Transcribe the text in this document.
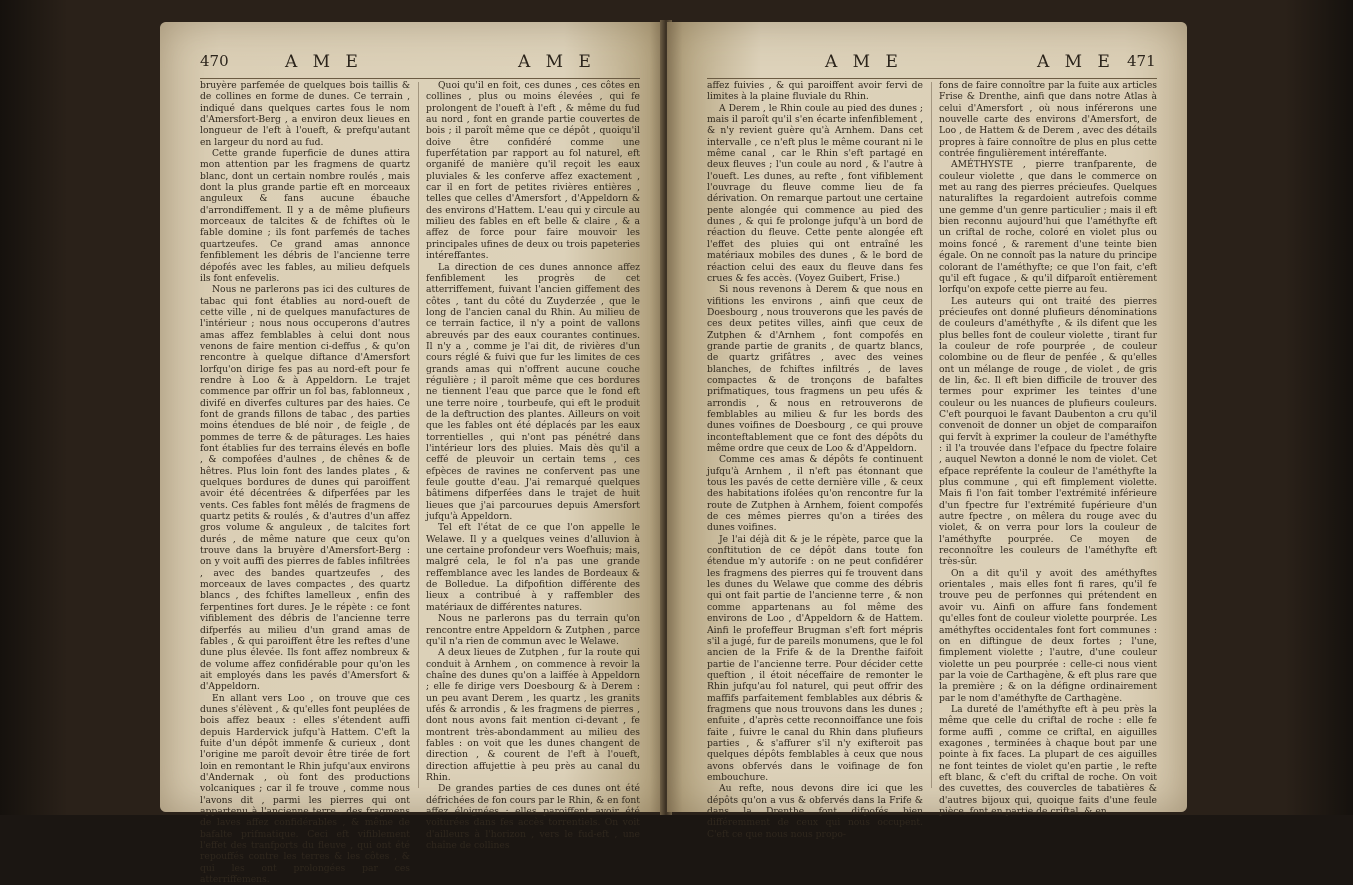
470	A M E	A M E

bruyère parfemée de quelques bois taillis & de collines en forme de dunes. Ce terrain , indiqué dans quelques cartes fous le nom d'Amersfort-Berg , a environ deux lieues en longueur de l'eft à l'oueft, & prefqu'autant en largeur du nord au fud.

Cette grande fuperficie de dunes attira mon attention par les fragmens de quartz blanc, dont un certain nombre roulés , mais dont la plus grande partie eft en morceaux anguleux & fans aucune ébauche d'arrondiffement. Il y a de même plufieurs morceaux de talcites & de fchiftes où le fable domine ; ils font parfemés de taches quartzeufes. Ce grand amas annonce fenfiblement les débris de l'ancienne terre dépofés avec les fables, au milieu defquels ils font enfevelis.

Nous ne parlerons pas ici des cultures de tabac qui font établies au nord-oueft de cette ville , ni de quelques manufactures de l'intérieur ; nous nous occuperons d'autres amas affez femblables à celui dont nous venons de faire mention ci-deffus , & qu'on rencontre à quelque diftance d'Amersfort lorfqu'on dirige fes pas au nord-eft pour fe rendre à Loo & à Appeldorn. Le trajet commence par offrir un fol bas, fablonneux , divifé en diverfes cultures par des haies. Ce font de grands fillons de tabac , des parties moins étendues de blé noir , de feigle , de pommes de terre & de pâturages. Les haies font établies fur des terrains élevés en bofle , & compofées d'aulnes , de chênes & de hêtres. Plus loin font des landes plates , & quelques bordures de dunes qui paroiffent avoir été décentrées & difperfées par les vents. Ces fables font mêlés de fragmens de quartz petits & roulés , & d'autres d'un affez gros volume & anguleux , de talcites fort durés , de même nature que ceux qu'on trouve dans la bruyère d'Amersfort-Berg : on y voit auffi des pierres de fables infiltrées , avec des bandes quartzeufes , des morceaux de laves compactes , des quartz blancs , des fchiftes lamelleux , enfin des ferpentines fort dures. Je le répète : ce font vifiblement des débris de l'ancienne terre difperfés au milieu d'un grand amas de fables , & qui paroiffent être les reftes d'une dune plus élevée. Ils font affez nombreux & de volume affez confidérable pour qu'on les ait employés dans les pavés d'Amersfort & d'Appeldorn.

En allant vers Loo , on trouve que ces dunes s'élèvent , & qu'elles font peuplées de bois affez beaux : elles s'étendent auffi depuis Hardervick jufqu'à Hattem. C'eft la fuite d'un dépôt immenfe & curieux , dont l'origine me paroît devoir être tirée de fort loin en remontant le Rhin jufqu'aux environs d'Andernak , où font des productions volcaniques ; car il fe trouve , comme nous l'avons dit , parmi les pierres qui ont appartenu à l'ancienne terre , des fragmens de laves affez confidérables , & même de bafalte prifmatique. Ceci eft vifiblement l'effet des tranfports du fleuve , qui ont été repouffés contre les terres & les côtes , & qui les ont prolongées par ces atterriffemens.

Quoi qu'il en foit, ces dunes , ces côtes en collines , plus ou moins élevées , qui fe prolongent de l'oueft à l'eft , & même du fud au nord , font en grande partie couvertes de bois ; il paroît même que ce dépôt , quoiqu'il doive être confidéré comme une fuperfétation par rapport au fol naturel, eft organifé de manière qu'il reçoit les eaux pluviales & les conferve affez exactement , car il en fort de petites rivières entières , telles que celles d'Amersfort , d'Appeldorn & des environs d'Hattem. L'eau qui y circule au milieu des fables en eft belle & claire , & a affez de force pour faire mouvoir les principales ufines de deux ou trois papeteries intéreffantes.

La direction de ces dunes annonce affez fenfiblement les progrès de cet atterriffement, fuivant l'ancien giffement des côtes , tant du côté du Zuyderzée , que le long de l'ancien canal du Rhin. Au milieu de ce terrain factice, il n'y a point de vallons abreuvés par des eaux courantes continues. Il n'y a , comme je l'ai dit, de rivières d'un cours réglé & fuivi que fur les limites de ces grands amas qui n'offrent aucune couche régulière ; il paroît même que ces bordures ne tiennent l'eau que parce que le fond eft une terre noire , tourbeufe, qui eft le produit de la deftruction des plantes. Ailleurs on voit que les fables ont été déplacés par les eaux torrentielles , qui n'ont pas pénétré dans l'intérieur lors des pluies. Mais dès qu'il a ceffé de pleuvoir un certain tems , ces efpèces de ravines ne confervent pas une feule goutte d'eau. J'ai remarqué quelques bâtimens difperfées dans le trajet de huit lieues que j'ai parcourues depuis Amersfort jufqu'à Appeldorn.

Tel eft l'état de ce que l'on appelle le Welawe. Il y a quelques veines d'alluvion à une certaine profondeur vers Woefhuis; mais, malgré cela, le fol n'a pas une grande reffemblance avec les landes de Bordeaux & de Bolledue. La difpofition différente des lieux a contribué à y raffembler des matériaux de différentes natures.

Nous ne parlerons pas du terrain qu'on rencontre entre Appeldorn & Zutphen , parce qu'il n'a rien de commun avec le Welawe.

A deux lieues de Zutphen , fur la route qui conduit à Arnhem , on commence à revoir la chaîne des dunes qu'on a laiffée à Appeldorn ; elle fe dirige vers Doesbourg & à Derem : un peu avant Derem , les quartz , les granits ufés & arrondis , & les fragmens de pierres , dont nous avons fait mention ci-devant , fe montrent très-abondamment au milieu des fables : on voit que les dunes changent de direction , & courent de l'eft à l'oueft, direction affujettie à peu près au canal du Rhin.

De grandes parties de ces dunes ont été défrichées de fon cours par le Rhin, & en font affez éloignées ; elles paroiffent avoir été voiturées dans fes accès torrentiels. On voit d'ailleurs à l'horizon , vers le fud-eft , une chaîne de collines

A M E	A M E 471

affez fuivies , & qui paroiffent avoir fervi de limites à la plaine fluviale du Rhin.

A Derem , le Rhin coule au pied des dunes ; mais il paroît qu'il s'en écarte infenfiblement , & n'y revient guère qu'à Arnhem. Dans cet intervalle , ce n'eft plus le même courant ni le même canal , car le Rhin s'eft partagé en deux fleuves ; l'un coule au nord , & l'autre à l'oueft. Les dunes, au refte , font vifiblement l'ouvrage du fleuve comme lieu de fa dérivation. On remarque partout une certaine pente alongée qui commence au pied des dunes , & qui fe prolonge jufqu'à un bord de réaction du fleuve. Cette pente alongée eft l'effet des pluies qui ont entraîné les matériaux mobiles des dunes , & le bord de réaction celui des eaux du fleuve dans fes crues & fes accès. (Voyez Guibert, Frise.)

Si nous revenons à Derem & que nous en vifitions les environs , ainfi que ceux de Doesbourg , nous trouverons que les pavés de ces deux petites villes, ainfi que ceux de Zutphen & d'Arnhem , font compofés en grande partie de granits , de quartz blancs, de quartz grifâtres , avec des veines blanches, de fchiftes infiltrés , de laves compactes & de tronçons de bafaltes prifmatiques, tous fragmens un peu ufés & arrondis , & nous en retrouverons de femblables au milieu & fur les bords des dunes voifines de Doesbourg , ce qui prouve inconteftablement que ce font des dépôts du même ordre que ceux de Loo & d'Appeldorn.

Comme ces amas & dépôts fe continuent jufqu'à Arnhem , il n'eft pas étonnant que tous les pavés de cette dernière ville , & ceux des habitations ifolées qu'on rencontre fur la route de Zutphen à Arnhem, foient compofés de ces mêmes pierres qu'on a tirées des dunes voifines.

Je l'ai déjà dit & je le répète, parce que la conftitution de ce dépôt dans toute fon étendue m'y autorife : on ne peut confidérer les fragmens des pierres qui fe trouvent dans les dunes du Welawe que comme des débris qui ont fait partie de l'ancienne terre , & non comme appartenans au fol même des environs de Loo , d'Appeldorn & de Hattem. Ainfi le profeffeur Brugman s'eft fort mépris s'il a jugé, fur de pareils monumens, que le fol ancien de la Frife & de la Drenthe faifoit partie de l'ancienne terre. Pour décider cette queftion , il étoit néceffaire de remonter le Rhin jufqu'au fol naturel, qui peut offrir des maffifs parfaitement femblables aux débris & fragmens que nous trouvons dans les dunes ; enfuite , d'après cette reconnoiffance une fois faite , fuivre le canal du Rhin dans plufieurs parties , & s'affurer s'il n'y exifteroit pas quelques dépôts femblables à ceux que nous avons obfervés dans le voifinage de fon embouchure.

Au refte, nous devons dire ici que les dépôts qu'on a vus & obfervés dans la Frife & dans la Drenthe font difpofés bien différemment de ceux qui nous occupent. C'eft ce que nous nous propo-

fons de faire connoître par la fuite aux articles Frise & Drenthe, ainfi que dans notre Atlas à celui d'Amersfort , où nous inférerons une nouvelle carte des environs d'Amersfort, de Loo , de Hattem & de Derem , avec des détails propres à faire connoître de plus en plus cette contrée fingulièrement intéreffante.

AMÉTHYSTE , pierre tranfparente, de couleur violette , que dans le commerce on met au rang des pierres précieufes. Quelques naturaliftes la regardoient autrefois comme une gemme d'un genre particulier ; mais il eft bien reconnu aujourd'hui que l'améthyfte eft un criftal de roche, coloré en violet plus ou moins foncé , & rarement d'une teinte bien égale. On ne connoît pas la nature du principe colorant de l'améthyfte; ce que l'on fait, c'eft qu'il eft fugace , & qu'il difparoît entièrement lorfqu'on expofe cette pierre au feu.

Les auteurs qui ont traité des pierres précieufes ont donné plufieurs dénominations de couleurs d'améthyfte , & ils difent que les plus belles font de couleur violette , tirant fur la couleur de rofe pourprée , de couleur colombine ou de fleur de penfée , & qu'elles ont un mélange de rouge , de violet , de gris de lin, &c. Il eft bien difficile de trouver des termes pour exprimer les teintes d'une couleur ou les nuances de plufieurs couleurs. C'eft pourquoi le favant Daubenton a cru qu'il convenoit de donner un objet de comparaifon qui fervît à exprimer la couleur de l'améthyfte : il l'a trouvée dans l'efpace du fpectre folaire , auquel Newton a donné le nom de violet. Cet efpace repréfente la couleur de l'améthyfte la plus commune , qui eft fimplement violette. Mais fi l'on fait tomber l'extrémité inférieure d'un fpectre fur l'extrémité fupérieure d'un autre fpectre , on mêlera du rouge avec du violet, & on verra pour lors la couleur de l'améthyfte pourprée. Ce moyen de reconnoître les couleurs de l'améthyfte eft très-sûr.

On a dit qu'il y avoit des améthyftes orientales , mais elles font fi rares, qu'il fe trouve peu de perfonnes qui prétendent en avoir vu. Ainfi on affure fans fondement qu'elles font de couleur violette pourprée. Les améthyftes occidentales font fort communes : on en diftingue de deux fortes ; l'une, fimplement violette ; l'autre, d'une couleur violette un peu pourprée : celle-ci nous vient par la voie de Carthagène, & eft plus rare que la première ; & on la défigne ordinairement par le nom d'améthyfte de Carthagène.

La dureté de l'améthyfte eft à peu près la même que celle du criftal de roche : elle fe forme auffi , comme ce criftal, en aiguilles exagones , terminées à chaque bout par une pointe à fix faces. La plupart de ces aiguilles ne font teintes de violet qu'en partie , le refte eft blanc, & c'eft du criftal de roche. On voit des cuvettes, des couvercles de tabatières & d'autres bijoux qui, quoique faits d'une feule pièce, font en partie de criftal, & en
